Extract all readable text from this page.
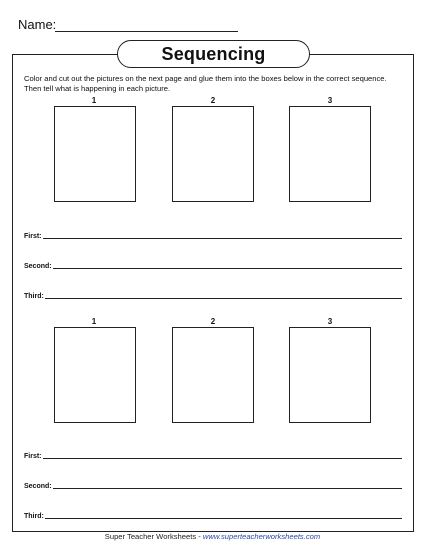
Name:
Sequencing
Color and cut out the pictures on the next page and glue them into the boxes below in the correct sequence. Then tell what is happening in each picture.
1	2	3
First:
Second:
Third:
1	2	3
First:
Second:
Third:
Super Teacher Worksheets - www.superteacherworksheets.com
